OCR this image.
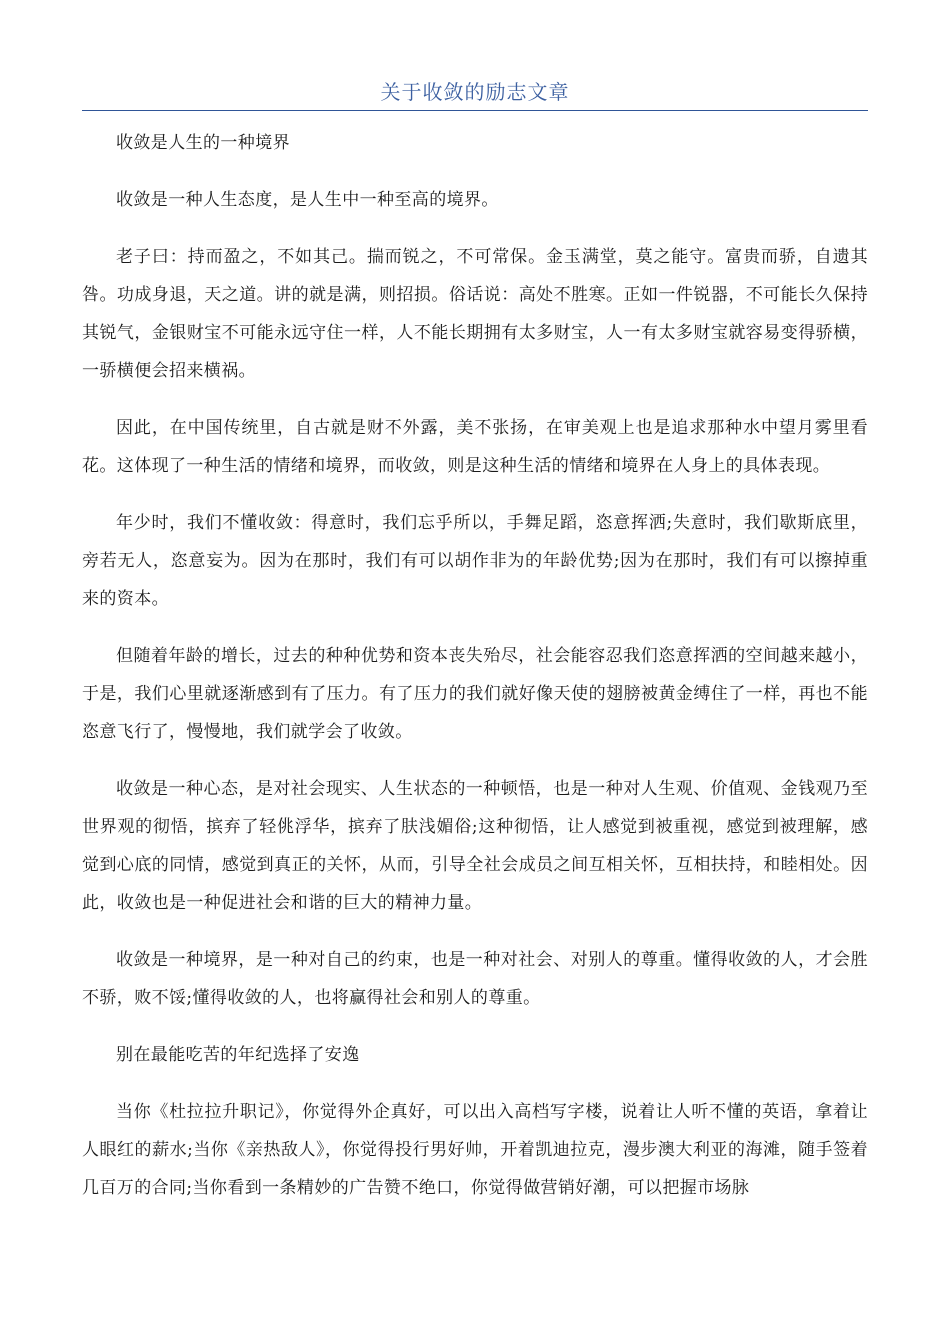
关于收敛的励志文章

收敛是人生的一种境界

收敛是一种人生态度，是人生中一种至高的境界。

老子曰：持而盈之，不如其己。揣而锐之，不可常保。金玉满堂，莫之能守。富贵而骄，自遗其咎。功成身退，天之道。讲的就是满，则招损。俗话说：高处不胜寒。正如一件锐器，不可能长久保持其锐气，金银财宝不可能永远守住一样，人不能长期拥有太多财宝，人一有太多财宝就容易变得骄横，一骄横便会招来横祸。

因此，在中国传统里，自古就是财不外露，美不张扬，在审美观上也是追求那种水中望月雾里看花。这体现了一种生活的情绪和境界，而收敛，则是这种生活的情绪和境界在人身上的具体表现。

年少时，我们不懂收敛：得意时，我们忘乎所以，手舞足蹈，恣意挥洒;失意时，我们歇斯底里，旁若无人，恣意妄为。因为在那时，我们有可以胡作非为的年龄优势;因为在那时，我们有可以擦掉重来的资本。

但随着年龄的增长，过去的种种优势和资本丧失殆尽，社会能容忍我们恣意挥洒的空间越来越小，于是，我们心里就逐渐感到有了压力。有了压力的我们就好像天使的翅膀被黄金缚住了一样，再也不能恣意飞行了，慢慢地，我们就学会了收敛。

收敛是一种心态，是对社会现实、人生状态的一种顿悟，也是一种对人生观、价值观、金钱观乃至世界观的彻悟，摈弃了轻佻浮华，摈弃了肤浅媚俗;这种彻悟，让人感觉到被重视，感觉到被理解，感觉到心底的同情，感觉到真正的关怀，从而，引导全社会成员之间互相关怀，互相扶持，和睦相处。因此，收敛也是一种促进社会和谐的巨大的精神力量。

收敛是一种境界，是一种对自己的约束，也是一种对社会、对别人的尊重。懂得收敛的人，才会胜不骄，败不馁;懂得收敛的人，也将赢得社会和别人的尊重。

别在最能吃苦的年纪选择了安逸

当你《杜拉拉升职记》，你觉得外企真好，可以出入高档写字楼，说着让人听不懂的英语，拿着让人眼红的薪水;当你《亲热敌人》，你觉得投行男好帅，开着凯迪拉克，漫步澳大利亚的海滩，随手签着几百万的合同;当你看到一条精妙的广告赞不绝口，你觉得做营销好潮，可以把握市场脉
